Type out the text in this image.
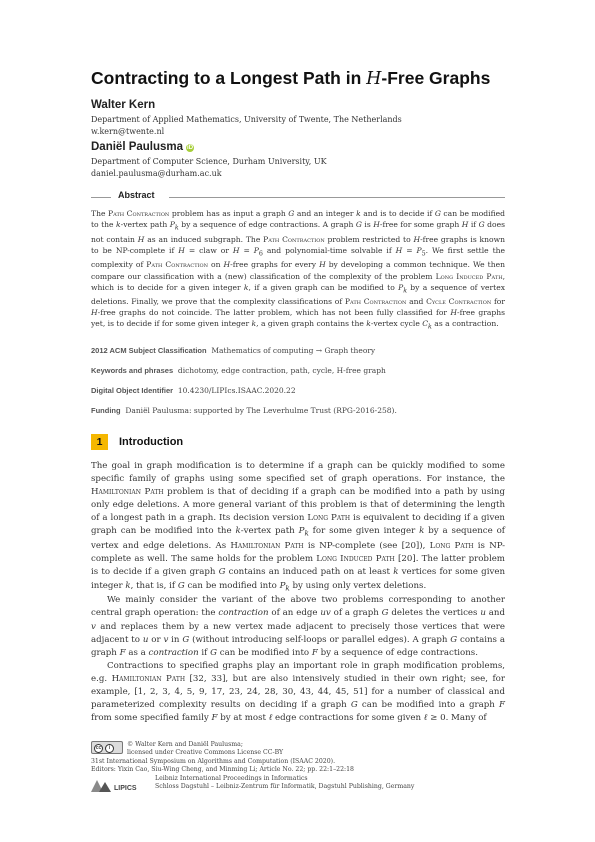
Contracting to a Longest Path in H-Free Graphs
Walter Kern
Department of Applied Mathematics, University of Twente, The Netherlands
w.kern@twente.nl
Daniël Paulusma iD
Department of Computer Science, Durham University, UK
daniel.paulusma@durham.ac.uk
Abstract
The Path Contraction problem has as input a graph G and an integer k and is to decide if G can be modified to the k-vertex path $P_k$ by a sequence of edge contractions. A graph G is H-free for some graph H if G does not contain H as an induced subgraph. The Path Contraction problem restricted to H-free graphs is known to be NP-complete if H = claw or $H = P_6$ and polynomial-time solvable if $H = P_5$. We first settle the complexity of Path Contraction on H-free graphs for every H by developing a common technique. We then compare our classification with a (new) classification of the complexity of the problem Long Induced Path, which is to decide for a given integer k, if a given graph can be modified to $P_k$ by a sequence of vertex deletions. Finally, we prove that the complexity classifications of Path Contraction and Cycle Contraction for H-free graphs do not coincide. The latter problem, which has not been fully classified for H-free graphs yet, is to decide if for some given integer k, a given graph contains the k-vertex cycle $C_k$ as a contraction.
2012 ACM Subject Classification Mathematics of computing → Graph theory
Keywords and phrases dichotomy, edge contraction, path, cycle, H-free graph
Digital Object Identifier 10.4230/LIPIcs.ISAAC.2020.22
Funding Daniël Paulusma: supported by The Leverhulme Trust (RPG-2016-258).
1	Introduction

The goal in graph modification is to determine if a graph can be quickly modified to some specific family of graphs using some specified set of graph operations. For instance, the Hamiltonian Path problem is that of deciding if a graph can be modified into a path by using only edge deletions. A more general variant of this problem is that of determining the length of a longest path in a graph. Its decision version Long Path is equivalent to deciding if a given graph can be modified into the k-vertex path $P_k$ for some given integer k by a sequence of vertex and edge deletions. As Hamiltonian Path is NP-complete (see [20]), Long Path is NP-complete as well. The same holds for the problem Long Induced Path [20]. The latter problem is to decide if a given graph G contains an induced path on at least k vertices for some given integer k, that is, if G can be modified into $P_k$ by using only vertex deletions.

We mainly consider the variant of the above two problems corresponding to another central graph operation: the contraction of an edge uv of a graph G deletes the vertices u and v and replaces them by a new vertex made adjacent to precisely those vertices that were adjacent to u or v in G (without introducing self-loops or parallel edges). A graph G contains a graph F as a contraction if G can be modified into F by a sequence of edge contractions.

Contractions to specified graphs play an important role in graph modification problems, e.g. Hamiltonian Path [32, 33], but are also intensively studied in their own right; see, for example, [1, 2, 3, 4, 5, 9, 17, 23, 24, 28, 30, 43, 44, 45, 51] for a number of classical and parameterized complexity results on deciding if a graph G can be modified into a graph F from some specified family F by at most ℓ edge contractions for some given ℓ ≥ 0. Many of

cc	i	© Walter Kern and Daniël Paulusma;
licensed under Creative Commons License CC-BY
31st International Symposium on Algorithms and Computation (ISAAC 2020).
Editors: Yixin Cao, Siu-Wing Cheng, and Minming Li; Article No. 22; pp. 22:1–22:18
LIPICS
Leibniz International Proceedings in Informatics
Schloss Dagstuhl – Leibniz-Zentrum für Informatik, Dagstuhl Publishing, Germany
